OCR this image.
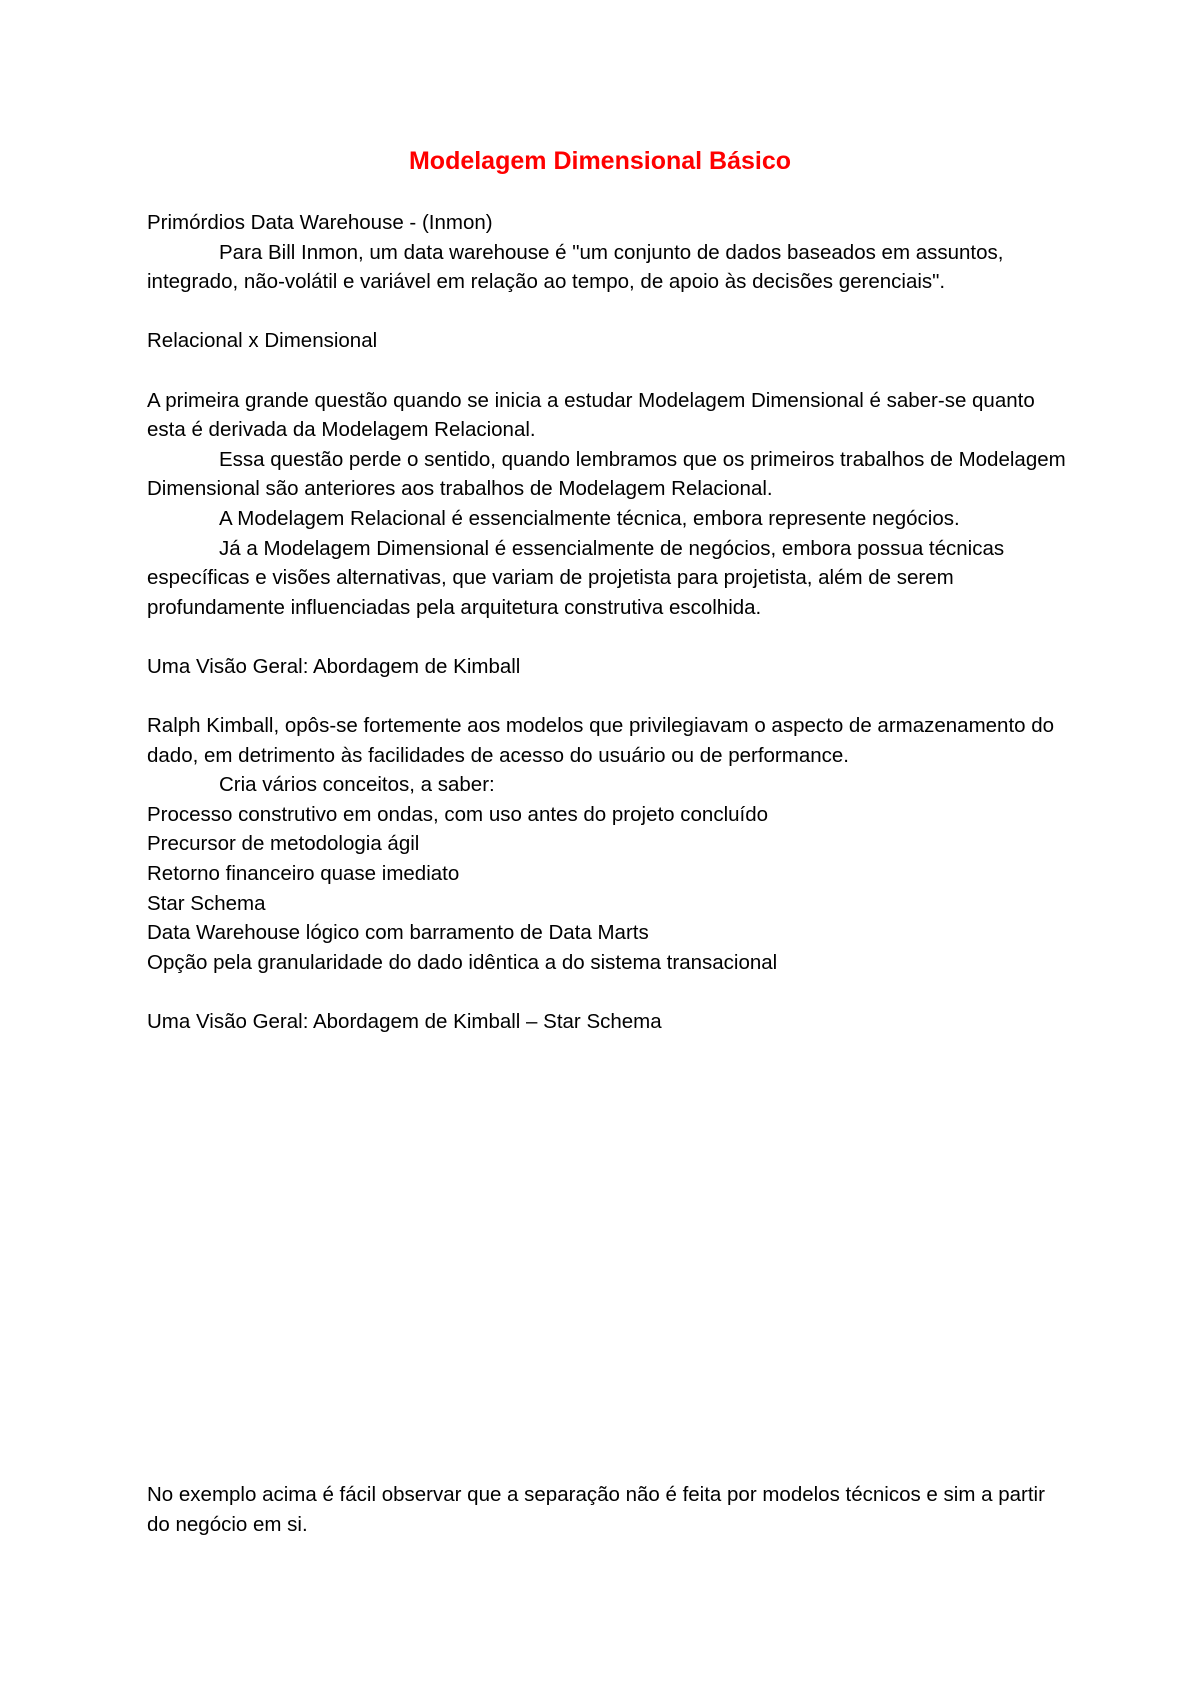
Modelagem Dimensional Básico

Primórdios Data Warehouse - (Inmon)

Para Bill Inmon, um data warehouse é "um conjunto de dados baseados em assuntos, integrado, não-volátil e variável em relação ao tempo, de apoio às decisões gerenciais".

Relacional x Dimensional

A primeira grande questão quando se inicia a estudar Modelagem Dimensional é saber-se quanto esta é derivada da Modelagem Relacional.

Essa questão perde o sentido, quando lembramos que os primeiros trabalhos de Modelagem Dimensional são anteriores aos trabalhos de Modelagem Relacional.

A Modelagem Relacional é essencialmente técnica, embora represente negócios.

Já a Modelagem Dimensional é essencialmente de negócios, embora possua técnicas específicas e visões alternativas, que variam de projetista para projetista, além de serem profundamente influenciadas pela arquitetura construtiva escolhida.

Uma Visão Geral: Abordagem de Kimball

Ralph Kimball, opôs-se fortemente aos modelos que privilegiavam o aspecto de armazenamento do dado, em detrimento às facilidades de acesso do usuário ou de performance.

Cria vários conceitos, a saber:

Processo construtivo em ondas, com uso antes do projeto concluído

Precursor de metodologia ágil

Retorno financeiro quase imediato

Star Schema

Data Warehouse lógico com barramento de Data Marts

Opção pela granularidade do dado idêntica a do sistema transacional

Uma Visão Geral: Abordagem de Kimball – Star Schema

No exemplo acima é fácil observar que a separação não é feita por modelos técnicos e sim a partir do negócio em si.
